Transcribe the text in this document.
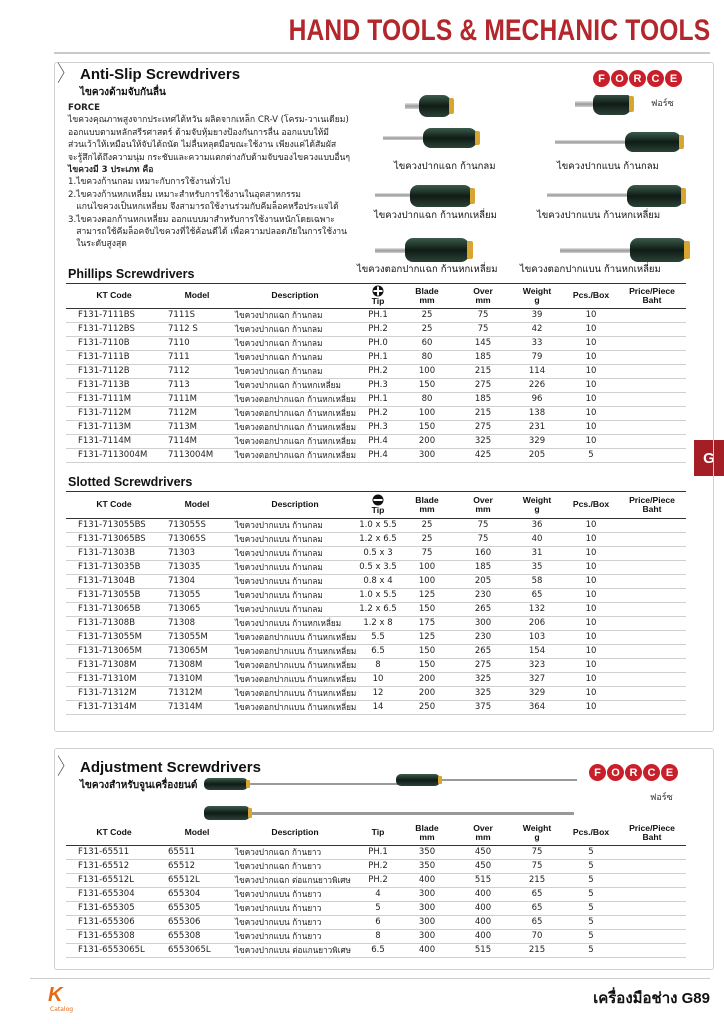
HAND TOOLS & MECHANIC TOOLS
G
〉 Anti-Slip Screwdrivers
ไขควงด้ามจับกันลื่น
FORCE
ไขควงคุณภาพสูงจากประเทศไต้หวัน ผลิตจากเหล็ก CR-V (โครม-วาเนเดียม)
ออกแบบตามหลักสรีรศาสตร์ ด้ามจับหุ้มยางป้องกันการลื่น ออกแบบให้มี
ส่วนเว้าให้เหมือนให้จับได้ถนัด ไม่ลื่นหลุดมือขณะใช้งาน เพียงแค่ได้สัมผัส
จะรู้สึกได้ถึงความนุ่ม กระชับและความแตกต่างกับด้ามจับของไขควงแบบอื่นๆ
ไขควงมี 3 ประเภท คือ
1.ไขควงก้านกลม เหมาะกับการใช้งานทั่วไป
2.ไขควงก้านหกเหลี่ยม เหมาะสำหรับการใช้งานในอุตสาหกรรม
แกนไขควงเป็นหกเหลี่ยม จึงสามารถใช้งานร่วมกับคีมล็อคหรือประแจได้
3.ไขควงตอกก้านหกเหลี่ยม ออกแบบมาสำหรับการใช้งานหนักโดยเฉพาะ
สามารถใช้คีมล็อคจับไขควงที่ใช้ค้อนตีได้ เพื่อความปลอดภัยในการใช้งาน
ในระดับสูงสุด
F O R C E
ฟอร์ซ
ไขควงปากแฉก ก้านกลม	ไขควงปากแบน ก้านกลม
ไขควงปากแฉก ก้านหกเหลี่ยม	ไขควงปากแบน ก้านหกเหลี่ยม
ไขควงตอกปากแฉก ก้านหกเหลี่ยม ไขควงตอกปากแบน ก้านหกเหลี่ยม
Phillips Screwdrivers
KT Code	Model	Description	Tip	Blade
mm	Over
mm	Weight
g	Pcs./Box	Price/Piece
Baht
F131-7111BS	7111S	ไขควงปากแฉก ก้านกลม	PH.1	25	75	39	10	
F131-7112BS	7112 S	ไขควงปากแฉก ก้านกลม	PH.2	25	75	42	10	
F131-7110B	7110	ไขควงปากแฉก ก้านกลม	PH.0	60	145	33	10	
F131-7111B	7111	ไขควงปากแฉก ก้านกลม	PH.1	80	185	79	10	
F131-7112B	7112	ไขควงปากแฉก ก้านกลม	PH.2	100	215	114	10	
F131-7113B	7113	ไขควงปากแฉก ก้านหกเหลี่ยม	PH.3	150	275	226	10	
F131-7111M	7111M	ไขควงตอกปากแฉก ก้านหกเหลี่ยม	PH.1	80	185	96	10	
F131-7112M	7112M	ไขควงตอกปากแฉก ก้านหกเหลี่ยม	PH.2	100	215	138	10	
F131-7113M	7113M	ไขควงตอกปากแฉก ก้านหกเหลี่ยม	PH.3	150	275	231	10	
F131-7114M	7114M	ไขควงตอกปากแฉก ก้านหกเหลี่ยม	PH.4	200	325	329	10	
F131-7113004M	7113004M	ไขควงตอกปากแฉก ก้านหกเหลี่ยม	PH.4	300	425	205	5	
Slotted Screwdrivers
KT Code	Model	Description	Tip	Blade
mm	Over
mm	Weight
g	Pcs./Box	Price/Piece
Baht
F131-713055BS	713055S	ไขควงปากแบน ก้านกลม	1.0 x 5.5	25	75	36	10	
F131-713065BS	713065S	ไขควงปากแบน ก้านกลม	1.2 x 6.5	25	75	40	10	
F131-71303B	71303	ไขควงปากแบน ก้านกลม	0.5 x 3	75	160	31	10	
F131-713035B	713035	ไขควงปากแบน ก้านกลม	0.5 x 3.5	100	185	35	10	
F131-71304B	71304	ไขควงปากแบน ก้านกลม	0.8 x 4	100	205	58	10	
F131-713055B	713055	ไขควงปากแบน ก้านกลม	1.0 x 5.5	125	230	65	10	
F131-713065B	713065	ไขควงปากแบน ก้านกลม	1.2 x 6.5	150	265	132	10	
F131-71308B	71308	ไขควงปากแบน ก้านหกเหลี่ยม	1.2 x 8	175	300	206	10	
F131-713055M	713055M	ไขควงตอกปากแบน ก้านหกเหลี่ยม	5.5	125	230	103	10	
F131-713065M	713065M	ไขควงตอกปากแบน ก้านหกเหลี่ยม	6.5	150	265	154	10	
F131-71308M	71308M	ไขควงตอกปากแบน ก้านหกเหลี่ยม	8	150	275	323	10	
F131-71310M	71310M	ไขควงตอกปากแบน ก้านหกเหลี่ยม	10	200	325	327	10	
F131-71312M	71312M	ไขควงตอกปากแบน ก้านหกเหลี่ยม	12	200	325	329	10	
F131-71314M	71314M	ไขควงตอกปากแบน ก้านหกเหลี่ยม	14	250	375	364	10	
〉 Adjustment Screwdrivers
ไขควงสำหรับจูนเครื่องยนต์
F O R C E
ฟอร์ซ
KT Code	Model	Description	Tip	Blade
mm	Over
mm	Weight
g	Pcs./Box	Price/Piece
Baht
F131-65511	65511	ไขควงปากแฉก ก้านยาว	PH.1	350	450	75	5	
F131-65512	65512	ไขควงปากแฉก ก้านยาว	PH.2	350	450	75	5	
F131-65512L	65512L	ไขควงปากแฉก ต่อแกนยาวพิเศษ	PH.2	400	515	215	5	
F131-655304	655304	ไขควงปากแบน ก้านยาว	4	300	400	65	5	
F131-655305	655305	ไขควงปากแบน ก้านยาว	5	300	400	65	5	
F131-655306	655306	ไขควงปากแบน ก้านยาว	6	300	400	65	5	
F131-655308	655308	ไขควงปากแบน ก้านยาว	8	300	400	70	5	
F131-6553065L	6553065L	ไขควงปากแบน ต่อแกนยาวพิเศษ	6.5	400	515	215	5	
K
Catalog
เครื่องมือช่าง G89
